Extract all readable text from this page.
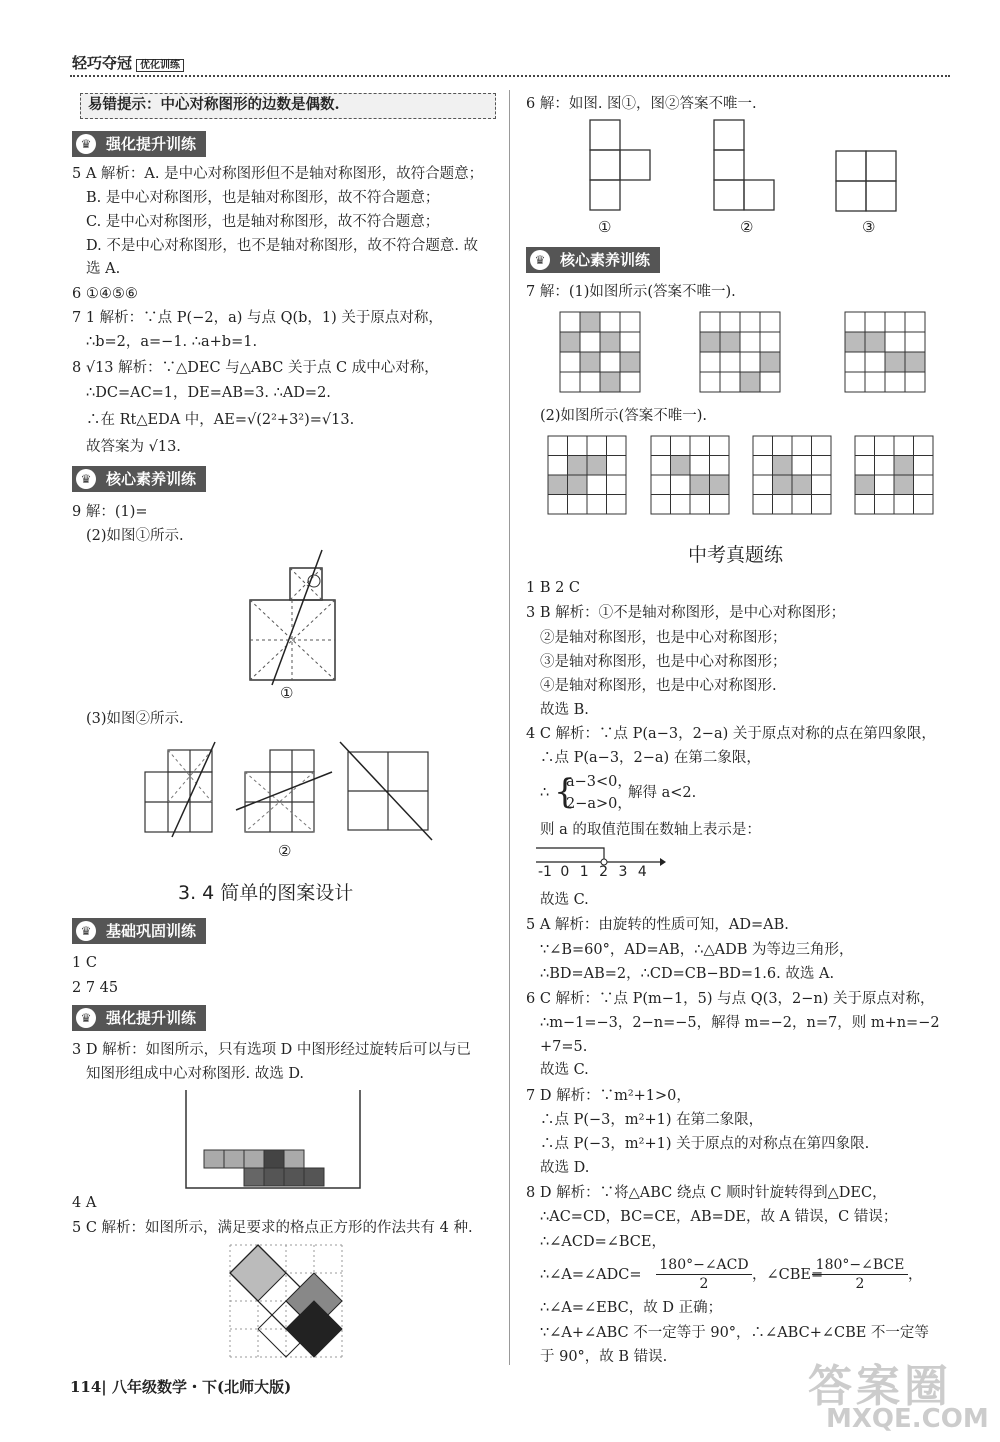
轻巧夺冠 优化训练
易错提示：中心对称图形的边数是偶数.
♛ 强化提升训练
5 A 解析：A. 是中心对称图形但不是轴对称图形，故符合题意；
B. 是中心对称图形，也是轴对称图形，故不符合题意；
C. 是中心对称图形，也是轴对称图形，故不符合题意；
D. 不是中心对称图形，也不是轴对称图形，故不符合题意. 故
选 A.
6 ①④⑤⑥
7 1 解析：∵点 P(−2，a) 与点 Q(b，1) 关于原点对称，
∴b=2，a=−1. ∴a+b=1.
8 √13 解析：∵△DEC 与△ABC 关于点 C 成中心对称，
∴DC=AC=1，DE=AB=3. ∴AD=2.
∴在 Rt△EDA 中，AE=√(2²+3²)=√13.
故答案为 √13.
♛ 核心素养训练
9 解：(1)=
(2)如图①所示.
①
(3)如图②所示.
②
3. 4 简单的图案设计
♛ 基础巩固训练
1 C
2 7 45
♛ 强化提升训练
3 D 解析：如图所示，只有选项 D 中图形经过旋转后可以与已
知图形组成中心对称图形. 故选 D.
4 A
5 C 解析：如图所示，满足要求的格点正方形的作法共有 4 种.
6 解：如图. 图①，图②答案不唯一.
①	②	③
♛ 核心素养训练
7 解：(1)如图所示(答案不唯一).
(2)如图所示(答案不唯一).
中考真题练
1 B 2 C
3 B 解析：①不是轴对称图形，是中心对称图形；
②是轴对称图形，也是中心对称图形；
③是轴对称图形，也是中心对称图形；
④是轴对称图形，也是中心对称图形.
故选 B.
4 C 解析：∵点 P(a−3，2−a) 关于原点对称的点在第四象限，
∴点 P(a−3，2−a) 在第二象限，
∴ {
a−3<0，
2−a>0，
解得 a<2.
则 a 的取值范围在数轴上表示是：
-1 0 1 2 3 4
故选 C.
5 A 解析：由旋转的性质可知，AD=AB.
∵∠B=60°，AD=AB，∴△ADB 为等边三角形，
∴BD=AB=2，∴CD=CB−BD=1.6. 故选 A.
6 C 解析：∵点 P(m−1，5) 与点 Q(3，2−n) 关于原点对称，
∴m−1=−3，2−n=−5，解得 m=−2，n=7，则 m+n=−2
+7=5.
故选 C.
7 D 解析：∵m²+1>0，
∴点 P(−3，m²+1) 在第二象限，
∴点 P(−3，m²+1) 关于原点的对称点在第四象限.
故选 D.
8 D 解析：∵将△ABC 绕点 C 顺时针旋转得到△DEC，
∴AC=CD，BC=CE，AB=DE，故 A 错误，C 错误；
∴∠ACD=∠BCE，
∴∠A=∠ADC=
180°−∠ACD
2
，∠CBE=
180°−∠BCE
2
，
∴∠A=∠EBC，故 D 正确；
∵∠A+∠ABC 不一定等于 90°，∴∠ABC+∠CBE 不一定等
于 90°，故 B 错误.
114| 八年级数学・下(北师大版)	答案圈
MXQE.COM
